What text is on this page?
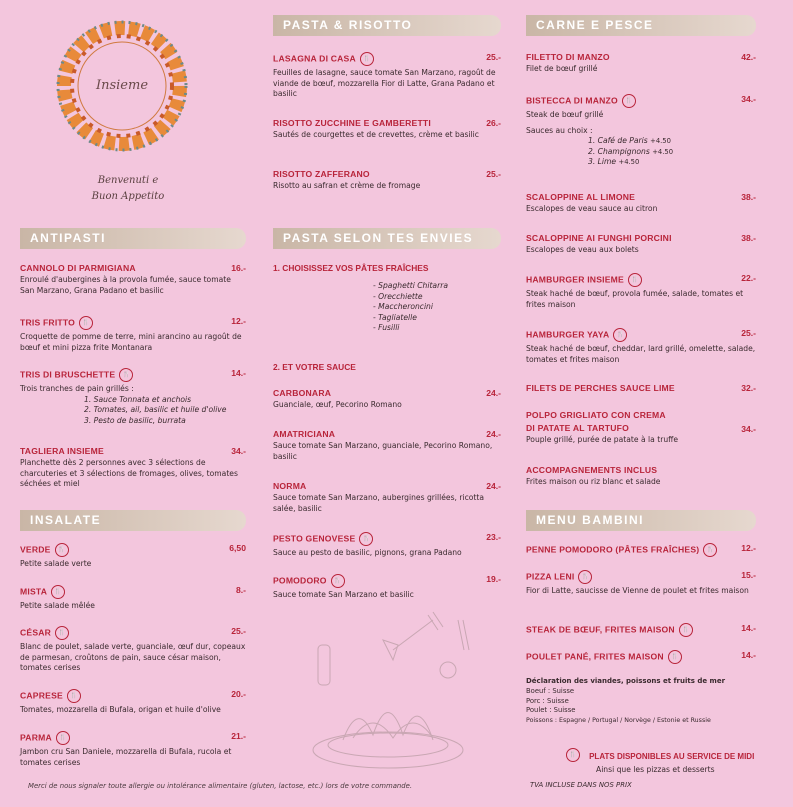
Insieme
Benvenuti e
Buon Appetito
ANTIPASTI
CANNOLO DI PARMIGIANA	16.-
Enroulé d'aubergines à la provola fumée, sauce tomate San Marzano, Grana Padano et basilic
TRIS FRITTO 🍴	12.-
Croquette de pomme de terre, mini arancino au ragoût de bœuf et mini pizza frite Montanara
TRIS DI BRUSCHETTE 🍴	14.-
Trois tranches de pain grillés :
1. Sauce Tonnata et anchois
2. Tomates, ail, basilic et huile d'olive
3. Pesto de basilic, burrata
TAGLIERA INSIEME	34.-
Planchette dès 2 personnes avec 3 sélections de charcuteries et 3 sélections de fromages, olives, tomates séchées et miel
INSALATE
VERDE 🍴	6,50
Petite salade verte
MISTA 🍴	8.-
Petite salade mêlée
CÉSAR 🍴	25.-
Blanc de poulet, salade verte, guanciale, œuf dur, copeaux de parmesan, croûtons de pain, sauce césar maison, tomates cerises
CAPRESE 🍴	20.-
Tomates, mozzarella di Bufala, origan et huile d'olive
PARMA 🍴	21.-
Jambon cru San Daniele, mozzarella di Bufala, rucola et tomates cerises
Merci de nous signaler toute allergie ou intolérance alimentaire (gluten, lactose, etc.) lors de votre commande.
PASTA & RISOTTO
LASAGNA DI CASA 🍴	25.-
Feuilles de lasagne, sauce tomate San Marzano, ragoût de viande de bœuf, mozzarella Fior di Latte, Grana Padano et basilic
RISOTTO ZUCCHINE E GAMBERETTI	26.-
Sautés de courgettes et de crevettes, crème et basilic
RISOTTO ZAFFERANO	25.-
Risotto au safran et crème de fromage
PASTA SELON TES ENVIES
1. CHOISISSEZ VOS PÂTES FRAÎCHES
- Spaghetti Chitarra
- Orecchiette
- Maccheroncini
- Tagliatelle
- Fusilli
2. ET VOTRE SAUCE
CARBONARA	24.-
Guanciale, œuf, Pecorino Romano
AMATRICIANA	24.-
Sauce tomate San Marzano, guanciale, Pecorino Romano, basilic
NORMA	24.-
Sauce tomate San Marzano, aubergines grillées, ricotta salée, basilic
PESTO GENOVESE 🍴	23.-
Sauce au pesto de basilic, pignons, grana Padano
POMODORO 🍴	19.-
Sauce tomate San Marzano et basilic
CARNE E PESCE
FILETTO DI MANZO	42.-
Filet de bœuf grillé
BISTECCA DI MANZO 🍴	34.-
Steak de bœuf grillé
Sauces au choix :
1. Café de Paris +4.50
2. Champignons +4.50
3. Lime +4.50
SCALOPPINE AL LIMONE	38.-
Escalopes de veau sauce au citron
SCALOPPINE AI FUNGHI PORCINI	38.-
Escalopes de veau aux bolets
HAMBURGER INSIEME 🍴	22.-
Steak haché de bœuf, provola fumée, salade, tomates et frites maison
HAMBURGER YAYA 🍴	25.-
Steak haché de bœuf, cheddar, lard grillé, omelette, salade, tomates et frites maison
FILETS DE PERCHES SAUCE LIME	32.-
POLPO GRIGLIATO CON CREMA
DI PATATE AL TARTUFO	34.-
Pouple grillé, purée de patate à la truffe
ACCOMPAGNEMENTS INCLUS
Frites maison ou riz blanc et salade
MENU BAMBINI
PENNE POMODORO (PÂTES FRAÎCHES) 🍴	12.-
PIZZA LENI 🍴	15.-
Fior di Latte, saucisse de Vienne de poulet et frites maison
STEAK DE BŒUF, FRITES MAISON 🍴	14.-
POULET PANÉ, FRITES MAISON 🍴	14.-
Déclaration des viandes, poissons et fruits de mer
Boeuf : Suisse
Porc : Suisse
Poulet : Suisse
Poissons : Espagne / Portugal / Norvège / Estonie et Russie
🍴 PLATS DISPONIBLES AU SERVICE DE MIDI
Ainsi que les pizzas et desserts
TVA INCLUSE DANS NOS PRIX
